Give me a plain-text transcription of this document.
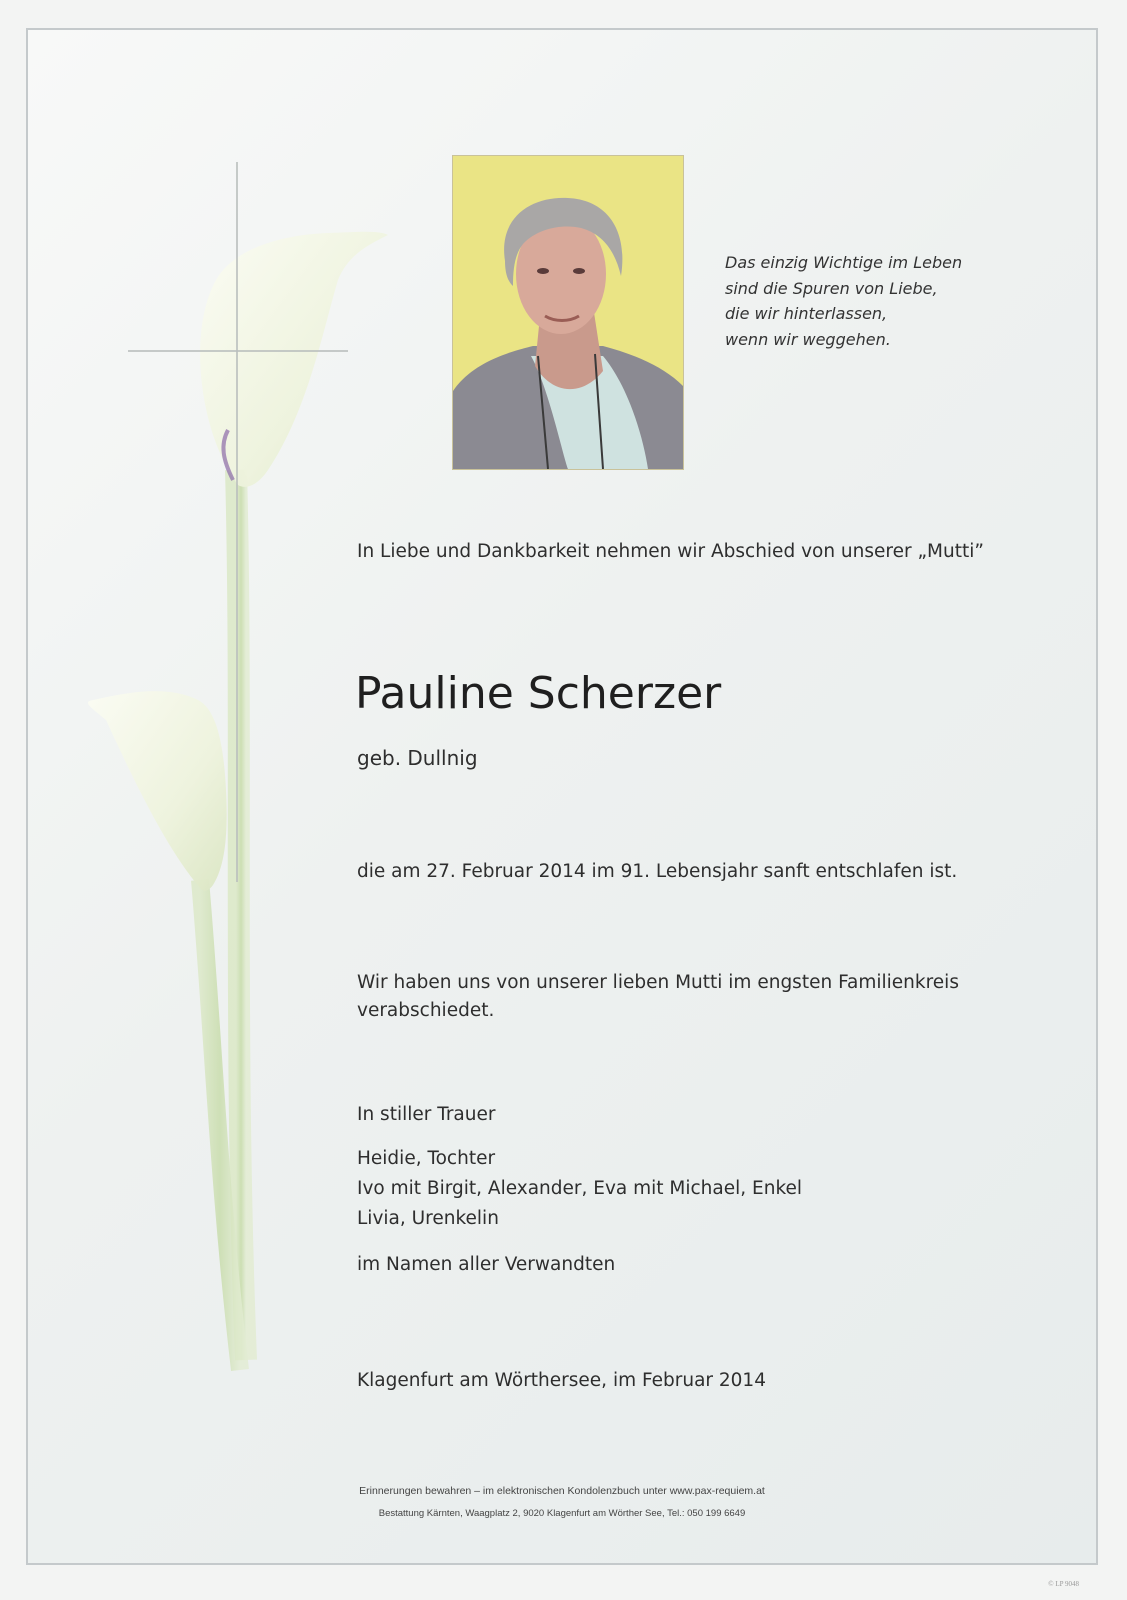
Das einzig Wichtige im Leben
sind die Spuren von Liebe,
die wir hinterlassen,
wenn wir weggehen.
In Liebe und Dankbarkeit nehmen wir Abschied von unserer „Mutti”
Pauline Scherzer
geb. Dullnig
die am 27. Februar 2014 im 91. Lebensjahr sanft entschlafen ist.
Wir haben uns von unserer lieben Mutti im engsten Familienkreis
verabschiedet.
In stiller Trauer
Heidie, Tochter
Ivo mit Birgit, Alexander, Eva mit Michael, Enkel
Livia, Urenkelin
im Namen aller Verwandten
Klagenfurt am Wörthersee, im Februar 2014
Erinnerungen bewahren – im elektronischen Kondolenzbuch unter www.pax-requiem.at
Bestattung Kärnten, Waagplatz 2, 9020 Klagenfurt am Wörther See, Tel.: 050 199 6649
© LP 9048
